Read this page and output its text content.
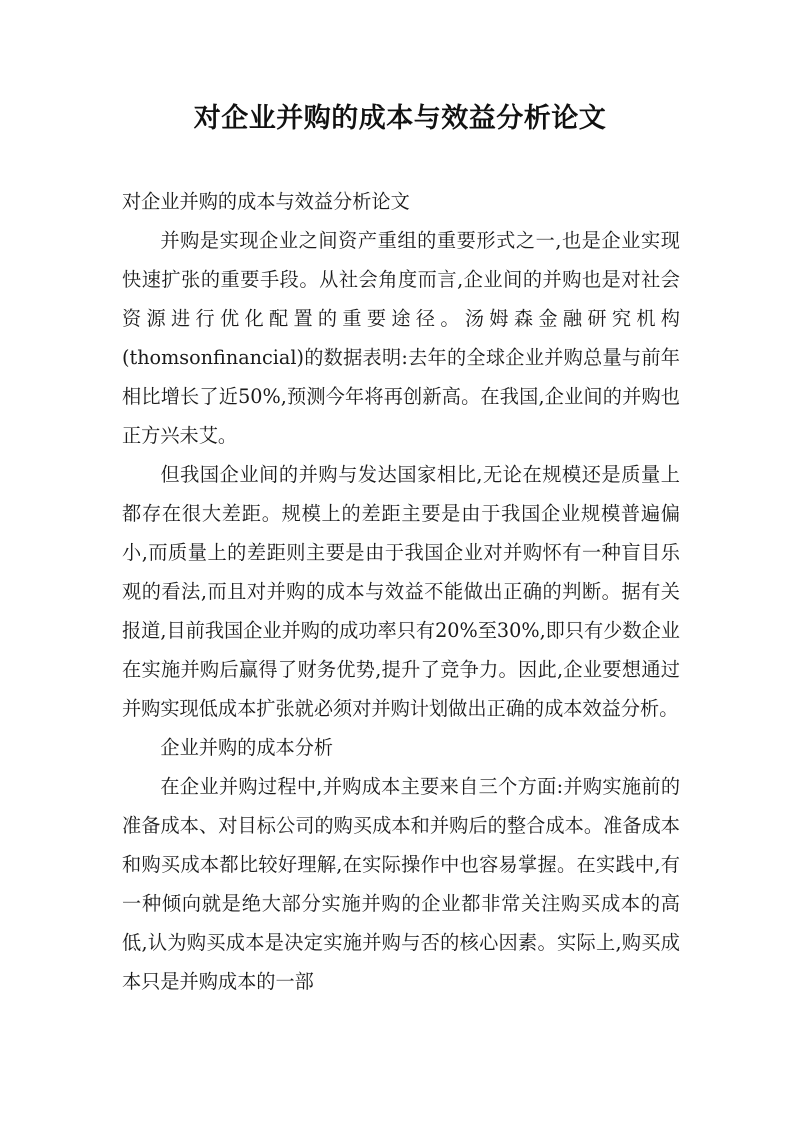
对企业并购的成本与效益分析论文

对企业并购的成本与效益分析论文

并购是实现企业之间资产重组的重要形式之一,也是企业实现快速扩张的重要手段。从社会角度而言,企业间的并购也是对社会资源进行优化配置的重要途径。汤姆森金融研究机构(thomsonfinancial)的数据表明:去年的全球企业并购总量与前年相比增长了近50%,预测今年将再创新高。在我国,企业间的并购也正方兴未艾。

但我国企业间的并购与发达国家相比,无论在规模还是质量上都存在很大差距。规模上的差距主要是由于我国企业规模普遍偏小,而质量上的差距则主要是由于我国企业对并购怀有一种盲目乐观的看法,而且对并购的成本与效益不能做出正确的判断。据有关报道,目前我国企业并购的成功率只有20%至30%,即只有少数企业在实施并购后赢得了财务优势,提升了竞争力。因此,企业要想通过并购实现低成本扩张就必须对并购计划做出正确的成本效益分析。

企业并购的成本分析

在企业并购过程中,并购成本主要来自三个方面:并购实施前的准备成本、对目标公司的购买成本和并购后的整合成本。准备成本和购买成本都比较好理解,在实际操作中也容易掌握。在实践中,有一种倾向就是绝大部分实施并购的企业都非常关注购买成本的高低,认为购买成本是决定实施并购与否的核心因素。实际上,购买成本只是并购成本的一部
